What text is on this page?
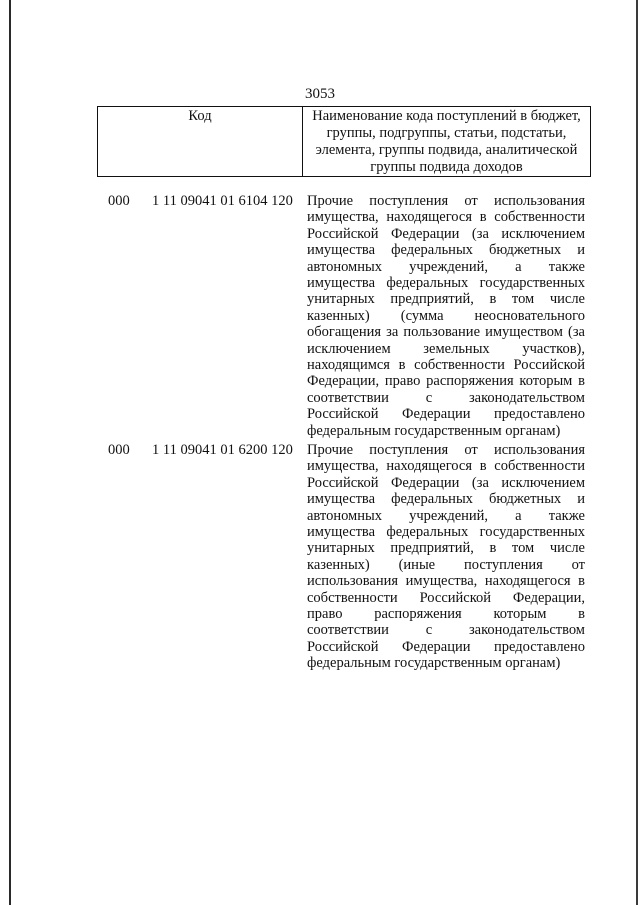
3053
Код	Наименование кода поступлений в бюджет, группы, подгруппы, статьи, подстатьи, элемента, группы подвида, аналитической группы подвида доходов
000 1 11 09041 01 6104 120 Прочие поступления от использования имущества, находящегося в собственности Российской Федерации (за исключением имущества федеральных бюджетных и автономных учреждений, а также имущества федеральных государственных унитарных предприятий, в том числе казенных) (сумма неосновательного обогащения за пользование имуществом (за исключением земельных участков), находящимся в собственности Российской Федерации, право распоряжения которым в соответствии с законодательством Российской Федерации предоставлено федеральным государственным органам)
000 1 11 09041 01 6200 120 Прочие поступления от использования имущества, находящегося в собственности Российской Федерации (за исключением имущества федеральных бюджетных и автономных учреждений, а также имущества федеральных государственных унитарных предприятий, в том числе казенных) (иные поступления от использования имущества, находящегося в собственности Российской Федерации, право распоряжения которым в соответствии с законодательством Российской Федерации предоставлено федеральным государственным органам)
